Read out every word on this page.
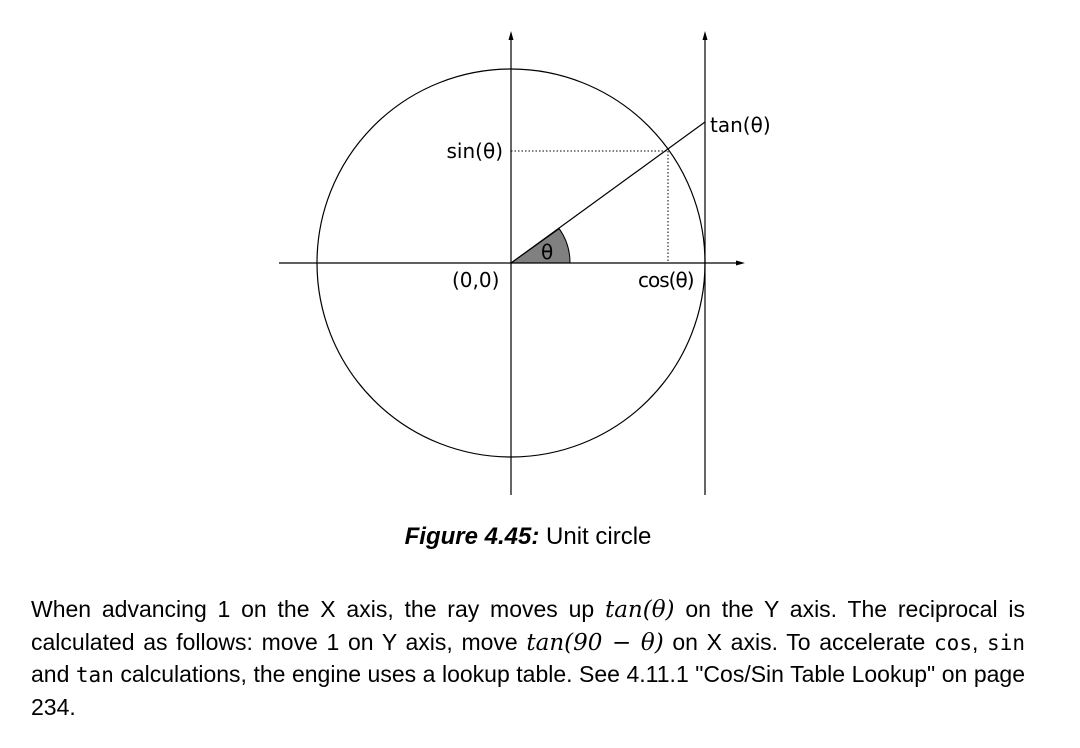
θ
sin(θ)
tan(θ)
cos(θ)
(0,0)
Figure 4.45: Unit circle

When advancing 1 on the X axis, the ray moves up tan(θ) on the Y axis. The reciprocal is calculated as follows: move 1 on Y axis, move tan(90 − θ) on X axis. To accelerate cos, sin and tan calculations, the engine uses a lookup table. See 4.11.1 "Cos/Sin Table Lookup" on page 234.
